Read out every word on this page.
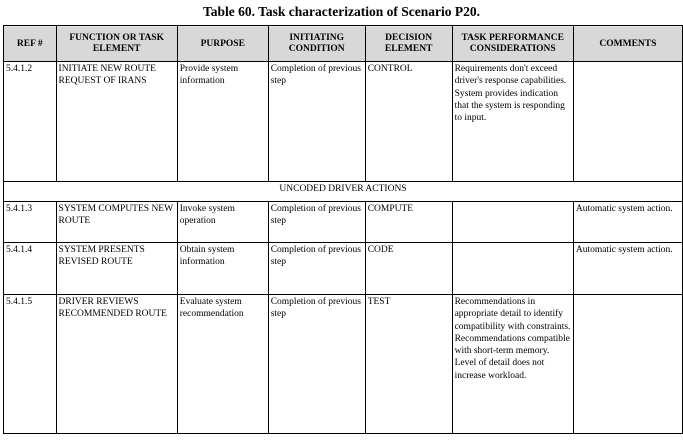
Table 60. Task characterization of Scenario P20.
REF #	FUNCTION OR TASK ELEMENT	PURPOSE	INITIATING CONDITION	DECISION ELEMENT	TASK PERFORMANCE CONSIDERATIONS	COMMENTS
5.4.1.2	INITIATE NEW ROUTE REQUEST OF IRANS	Provide system information	Completion of previous step	CONTROL	Requirements don't exceed driver's response capabilities. System provides indication that the system is responding to input.	
UNCODED DRIVER ACTIONS						
5.4.1.3	SYSTEM COMPUTES NEW ROUTE	Invoke system operation	Completion of previous step	COMPUTE		Automatic system action.
5.4.1.4	SYSTEM PRESENTS REVISED ROUTE	Obtain system information	Completion of previous step	CODE		Automatic system action.
5.4.1.5	DRIVER REVIEWS RECOMMENDED ROUTE	Evaluate system recommendation	Completion of previous step	TEST	Recommendations in appropriate detail to identify compatibility with constraints. Recommendations compatible with short-term memory. Level of detail does not increase workload.	
